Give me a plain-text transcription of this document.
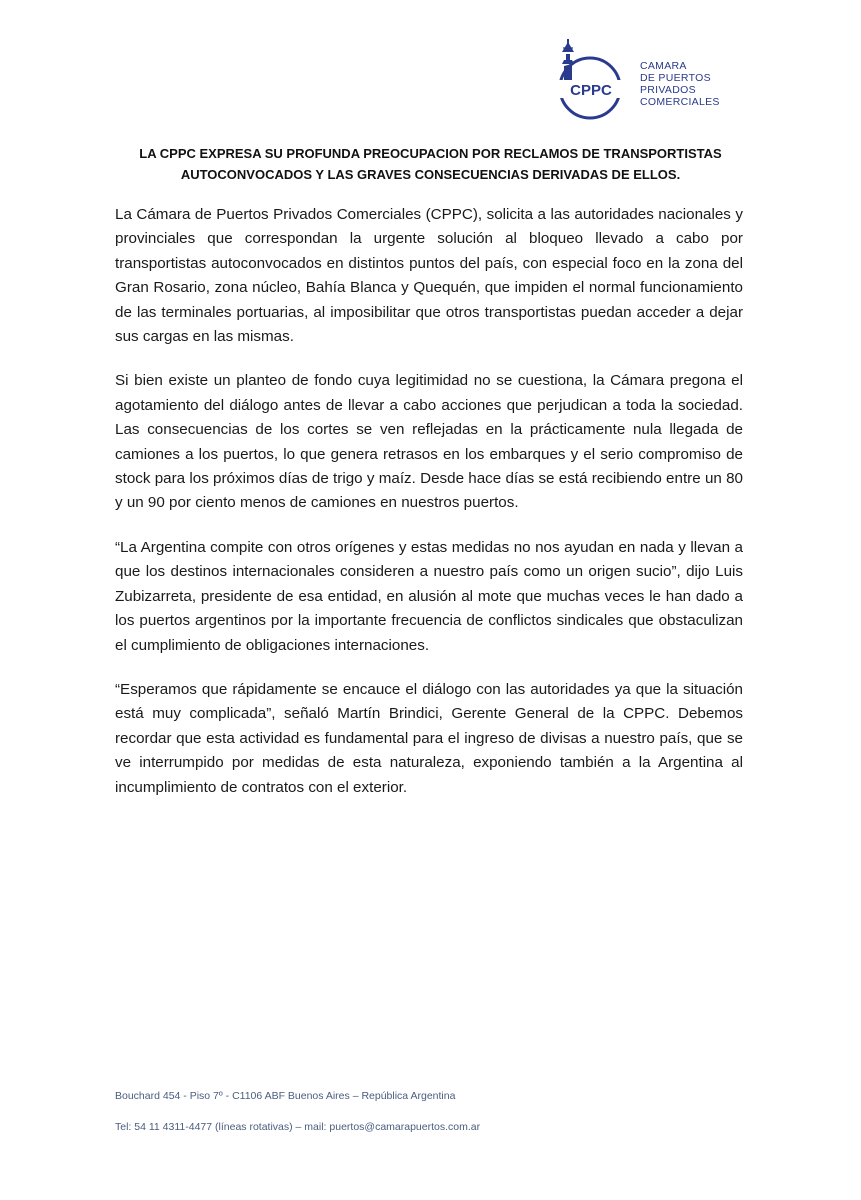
CPPC
CAMARA
DE PUERTOS
PRIVADOS
COMERCIALES
LA CPPC EXPRESA SU PROFUNDA PREOCUPACION POR RECLAMOS DE TRANSPORTISTAS
AUTOCONVOCADOS Y LAS GRAVES CONSECUENCIAS DERIVADAS DE ELLOS.

La Cámara de Puertos Privados Comerciales (CPPC), solicita a las autoridades nacionales y provinciales que correspondan la urgente solución al bloqueo llevado a cabo por transportistas autoconvocados en distintos puntos del país, con especial foco en la zona del Gran Rosario, zona núcleo, Bahía Blanca y Quequén, que impiden el normal funcionamiento de las terminales portuarias, al imposibilitar que otros transportistas puedan acceder a dejar sus cargas en las mismas.

Si bien existe un planteo de fondo cuya legitimidad no se cuestiona, la Cámara pregona el agotamiento del diálogo antes de llevar a cabo acciones que perjudican a toda la sociedad. Las consecuencias de los cortes se ven reflejadas en la prácticamente nula llegada de camiones a los puertos, lo que genera retrasos en los embarques y el serio compromiso de stock para los próximos días de trigo y maíz. Desde hace días se está recibiendo entre un 80 y un 90 por ciento menos de camiones en nuestros puertos.

“La Argentina compite con otros orígenes y estas medidas no nos ayudan en nada y llevan a que los destinos internacionales consideren a nuestro país como un origen sucio”, dijo Luis Zubizarreta, presidente de esa entidad, en alusión al mote que muchas veces le han dado a los puertos argentinos por la importante frecuencia de conflictos sindicales que obstaculizan el cumplimiento de obligaciones internaciones.

“Esperamos que rápidamente se encauce el diálogo con las autoridades ya que la situación está muy complicada”, señaló Martín Brindici, Gerente General de la CPPC. Debemos recordar que esta actividad es fundamental para el ingreso de divisas a nuestro país, que se ve interrumpido por medidas de esta naturaleza, exponiendo también a la Argentina al incumplimiento de contratos con el exterior.

Bouchard 454 - Piso 7º - C1106 ABF Buenos Aires – República Argentina
Tel: 54 11 4311-4477 (líneas rotativas) – mail: puertos@camarapuertos.com.ar
